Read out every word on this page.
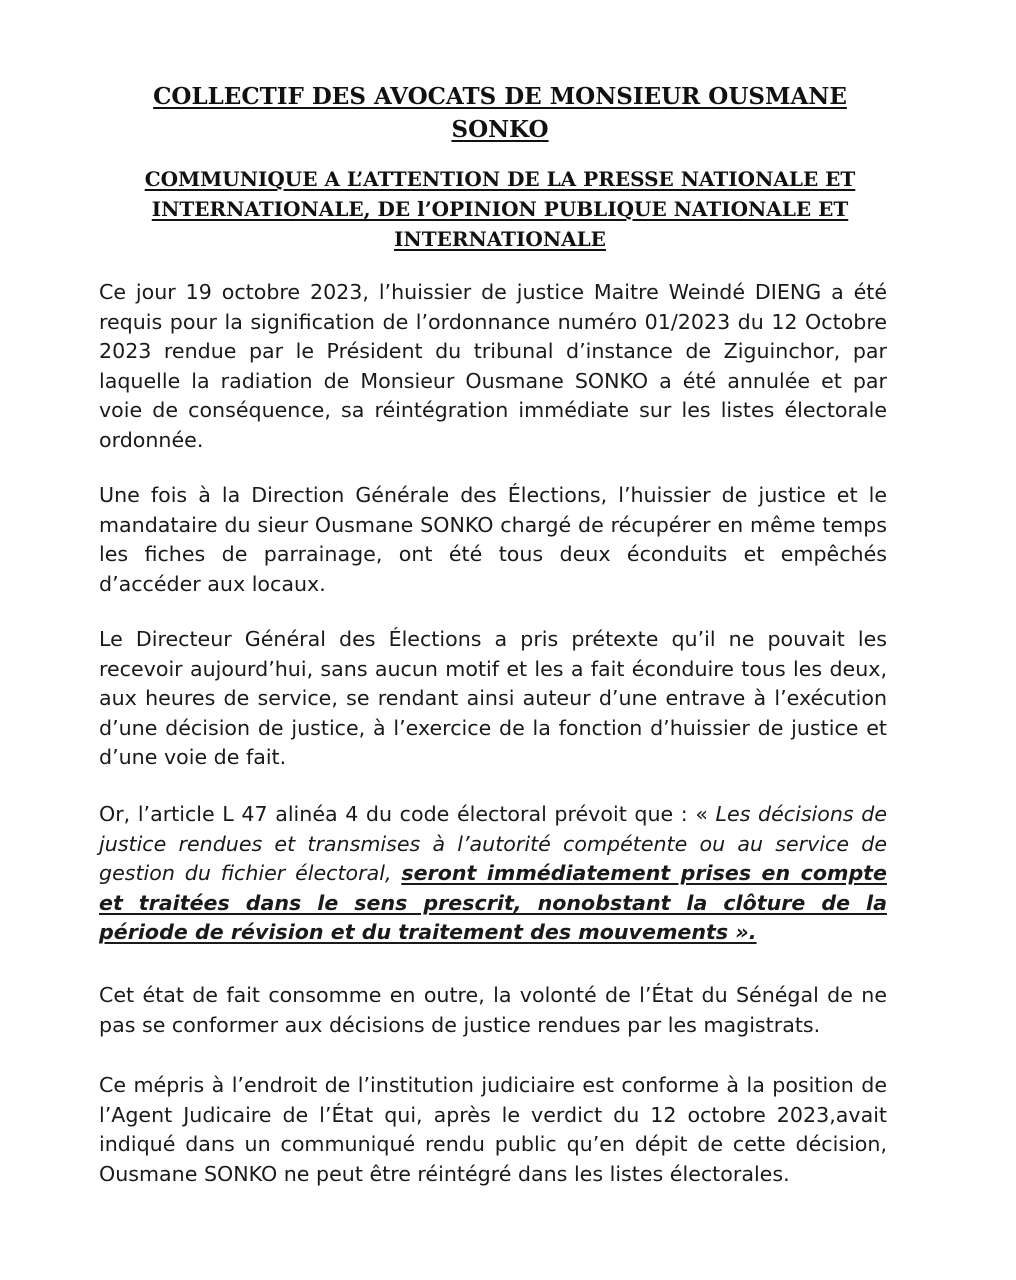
COLLECTIF DES AVOCATS DE MONSIEUR OUSMANE
SONKO
COMMUNIQUE A L’ATTENTION DE LA PRESSE NATIONALE ET
INTERNATIONALE, DE l’OPINION PUBLIQUE NATIONALE ET
INTERNATIONALE

Ce jour 19 octobre 2023, l’huissier de justice Maitre Weindé DIENG a été requis pour la signification de l’ordonnance numéro 01/2023 du 12 Octobre 2023 rendue par le Président du tribunal d’instance de Ziguinchor, par laquelle la radiation de Monsieur Ousmane SONKO a été annulée et par voie de conséquence, sa réintégration immédiate sur les listes électorale ordonnée.

Une fois à la Direction Générale des Élections, l’huissier de justice et le mandataire du sieur Ousmane SONKO chargé de récupérer en même temps les fiches de parrainage, ont été tous deux éconduits et empêchés d’accéder aux locaux.

Le Directeur Général des Élections a pris prétexte qu’il ne pouvait les recevoir aujourd’hui, sans aucun motif et les a fait éconduire tous les deux, aux heures de service, se rendant ainsi auteur d’une entrave à l’exécution d’une décision de justice, à l’exercice de la fonction d’huissier de justice et d’une voie de fait.

Or, l’article L 47 alinéa 4 du code électoral prévoit que : « Les décisions de justice rendues et transmises à l’autorité compétente ou au service de gestion du fichier électoral, seront immédiatement prises en compte et traitées dans le sens prescrit, nonobstant la clôture de la période de révision et du traitement des mouvements ».

Cet état de fait consomme en outre, la volonté de l’État du Sénégal de ne pas se conformer aux décisions de justice rendues par les magistrats.

Ce mépris à l’endroit de l’institution judiciaire est conforme à la position de l’Agent Judicaire de l’État qui, après le verdict du 12 octobre 2023,avait indiqué dans un communiqué rendu public qu’en dépit de cette décision, Ousmane SONKO ne peut être réintégré dans les listes électorales.
